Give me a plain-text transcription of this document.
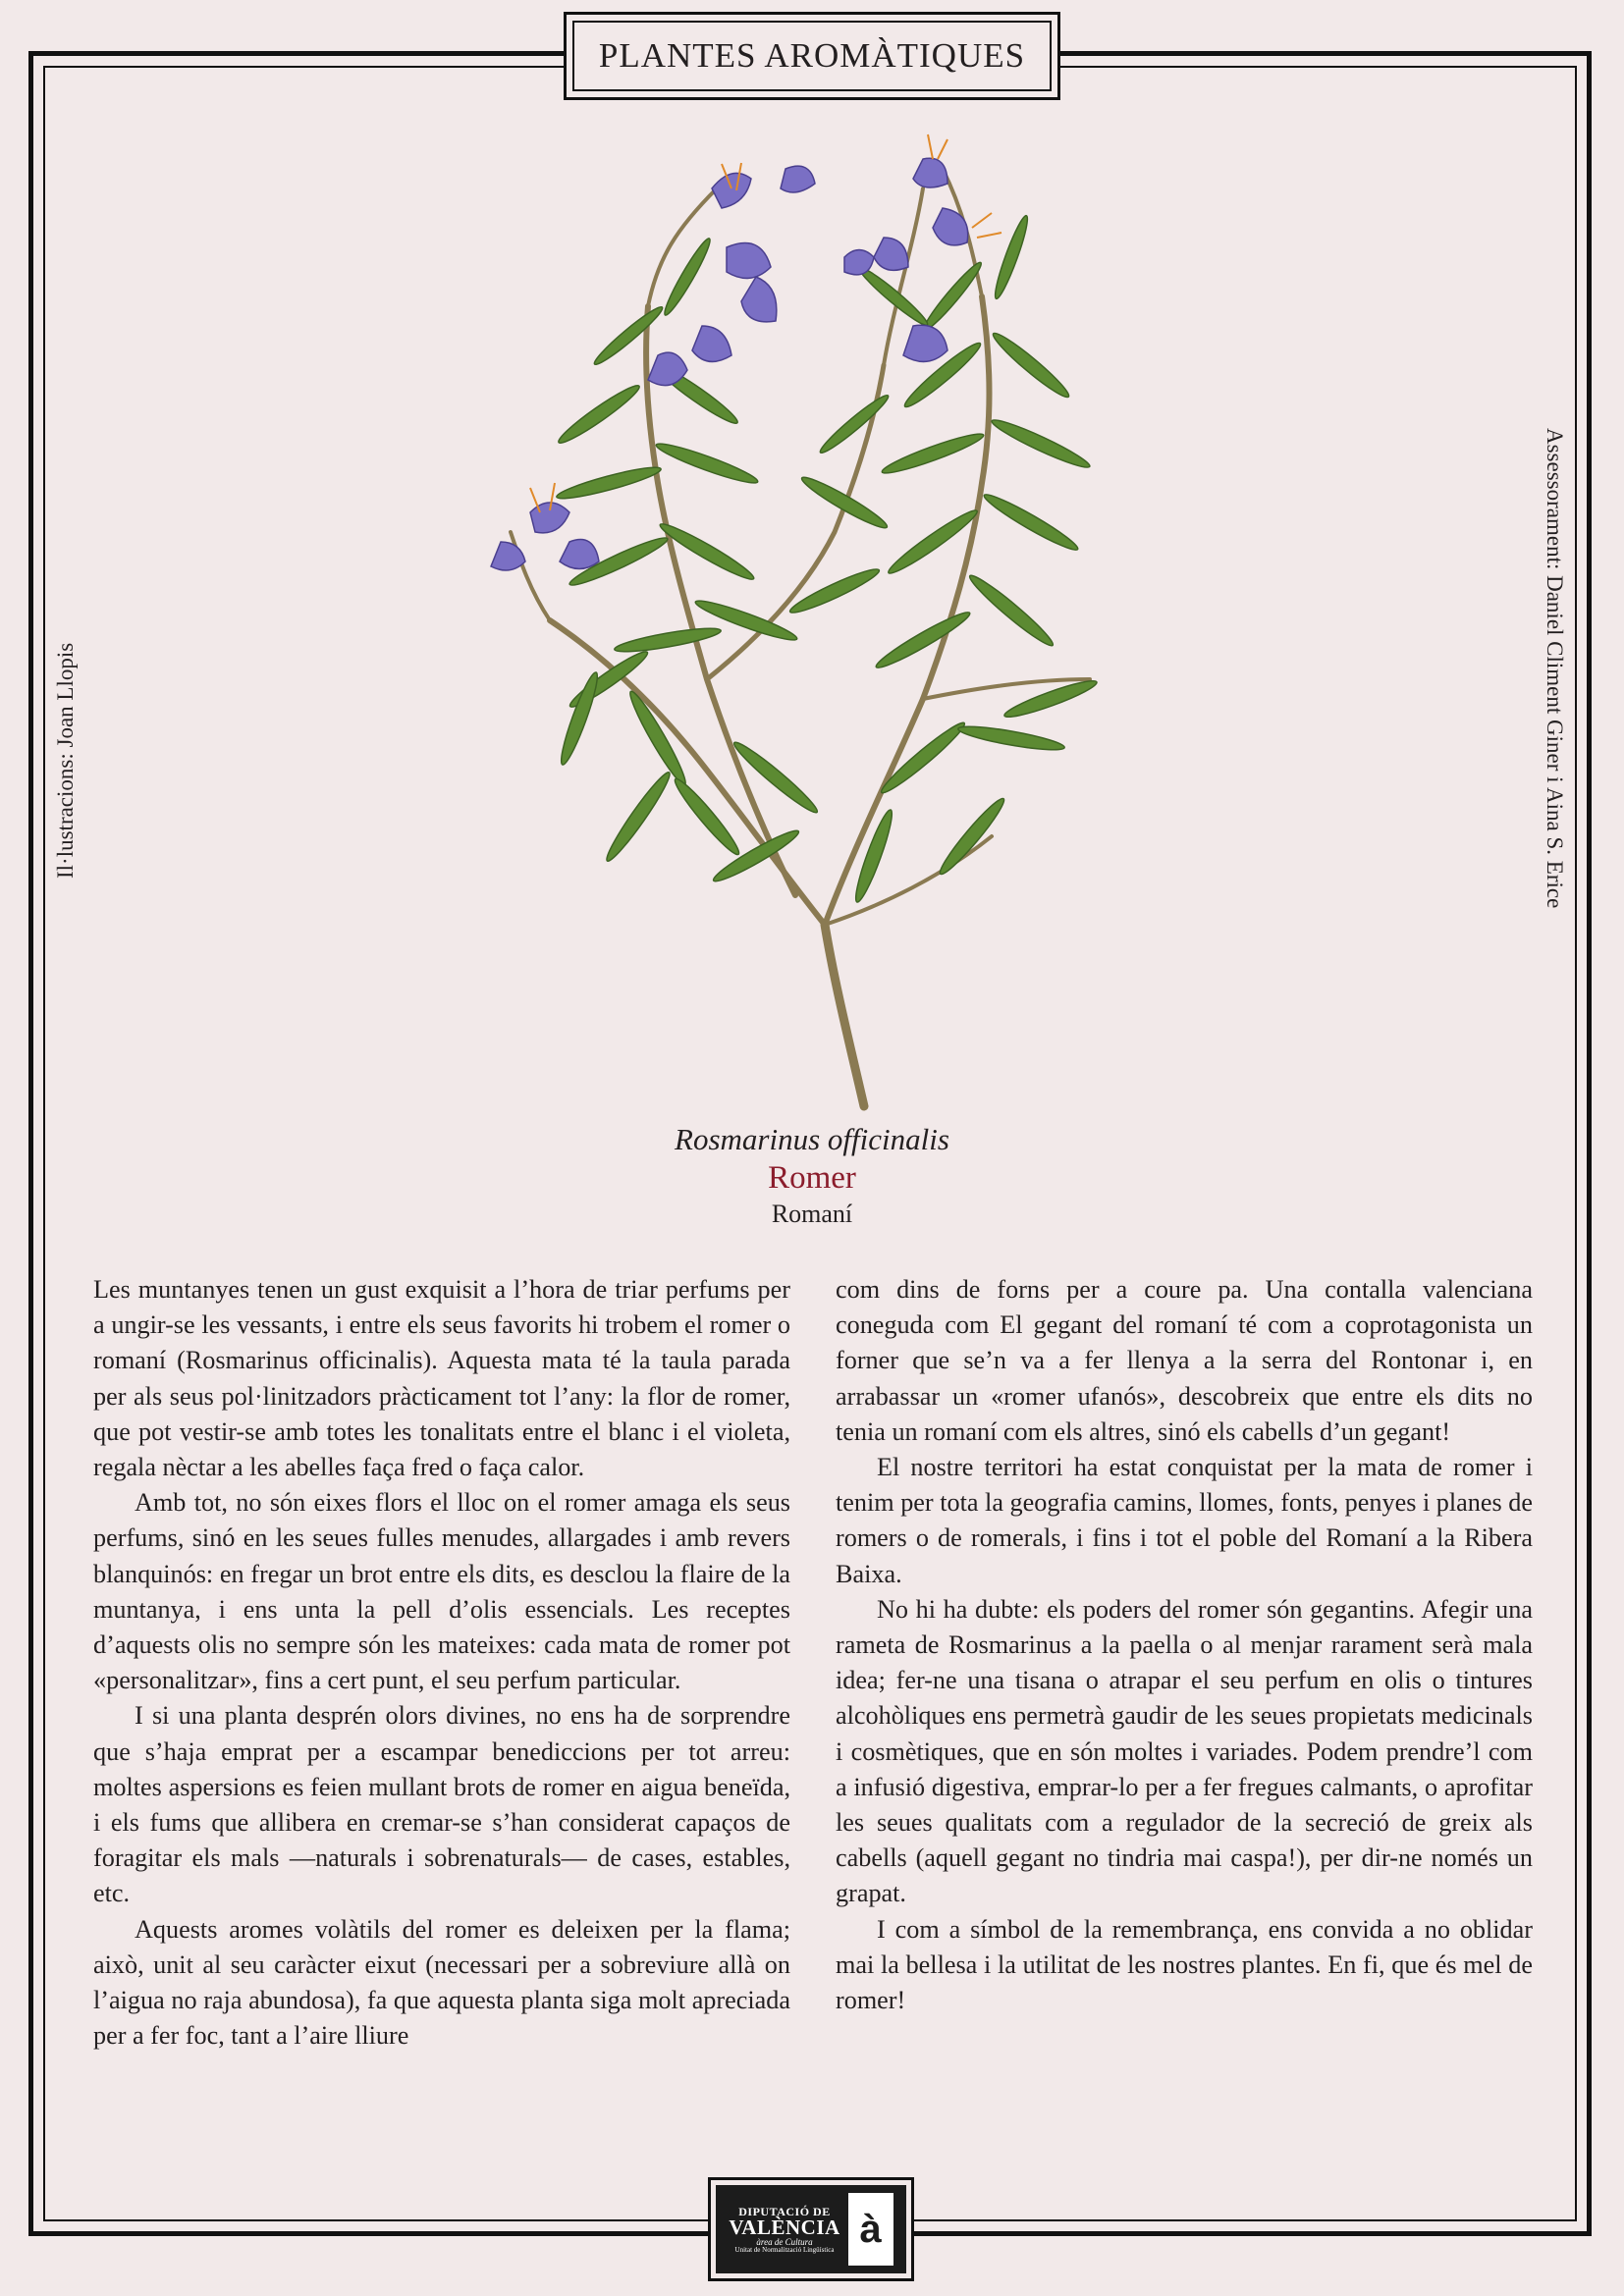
PLANTES AROMÀTIQUES
Il·lustracions: Joan Llopis	Assessorament: Daniel Climent Giner i Aina S. Erice
Rosmarinus officinalis
Romer
Romaní

Les muntanyes tenen un gust exquisit a l’hora de triar perfums per a ungir-se les vessants, i entre els seus favorits hi trobem el romer o romaní (Rosmarinus officinalis). Aquesta mata té la taula parada per als seus pol·linitzadors pràcticament tot l’any: la flor de romer, que pot vestir-se amb totes les tonalitats entre el blanc i el violeta, regala nèctar a les abelles faça fred o faça calor.

Amb tot, no són eixes flors el lloc on el romer amaga els seus perfums, sinó en les seues fulles menudes, allargades i amb revers blanquinós: en fregar un brot entre els dits, es desclou la flaire de la muntanya, i ens unta la pell d’olis essencials. Les receptes d’aquests olis no sempre són les mateixes: cada mata de romer pot «personalitzar», fins a cert punt, el seu perfum particular.

I si una planta desprén olors divines, no ens ha de sorprendre que s’haja emprat per a escampar benediccions per tot arreu: moltes aspersions es feien mullant brots de romer en aigua beneïda, i els fums que allibera en cremar-se s’han considerat capaços de foragitar els mals —naturals i sobrenaturals— de cases, estables, etc.

Aquests aromes volàtils del romer es deleixen per la flama; això, unit al seu caràcter eixut (necessari per a sobreviure allà on l’aigua no raja abundosa), fa que aquesta planta siga molt apreciada per a fer foc, tant a l’aire lliure

com dins de forns per a coure pa. Una contalla valenciana coneguda com El gegant del romaní té com a coprotagonista un forner que se’n va a fer llenya a la serra del Rontonar i, en arrabassar un «romer ufanós», descobreix que entre els dits no tenia un romaní com els altres, sinó els cabells d’un gegant!

El nostre territori ha estat conquistat per la mata de romer i tenim per tota la geografia camins, llomes, fonts, penyes i planes de romers o de romerals, i fins i tot el poble del Romaní a la Ribera Baixa.

No hi ha dubte: els poders del romer són gegantins. Afegir una rameta de Rosmarinus a la paella o al menjar rarament serà mala idea; fer-ne una tisana o atrapar el seu perfum en olis o tintures alcohòliques ens permetrà gaudir de les seues propietats medicinals i cosmètiques, que en són moltes i variades. Podem prendre’l com a infusió digestiva, emprar-lo per a fer fregues calmants, o aprofitar les seues qualitats com a regulador de la secreció de greix als cabells (aquell gegant no tindria mai caspa!), per dir-ne només un grapat.

I com a símbol de la remembrança, ens convida a no oblidar mai la bellesa i la utilitat de les nostres plantes. En fi, que és mel de romer!

DIPUTACIÓ DE
VALÈNCIA
àrea de Cultura
Unitat de Normalització Lingüística à
